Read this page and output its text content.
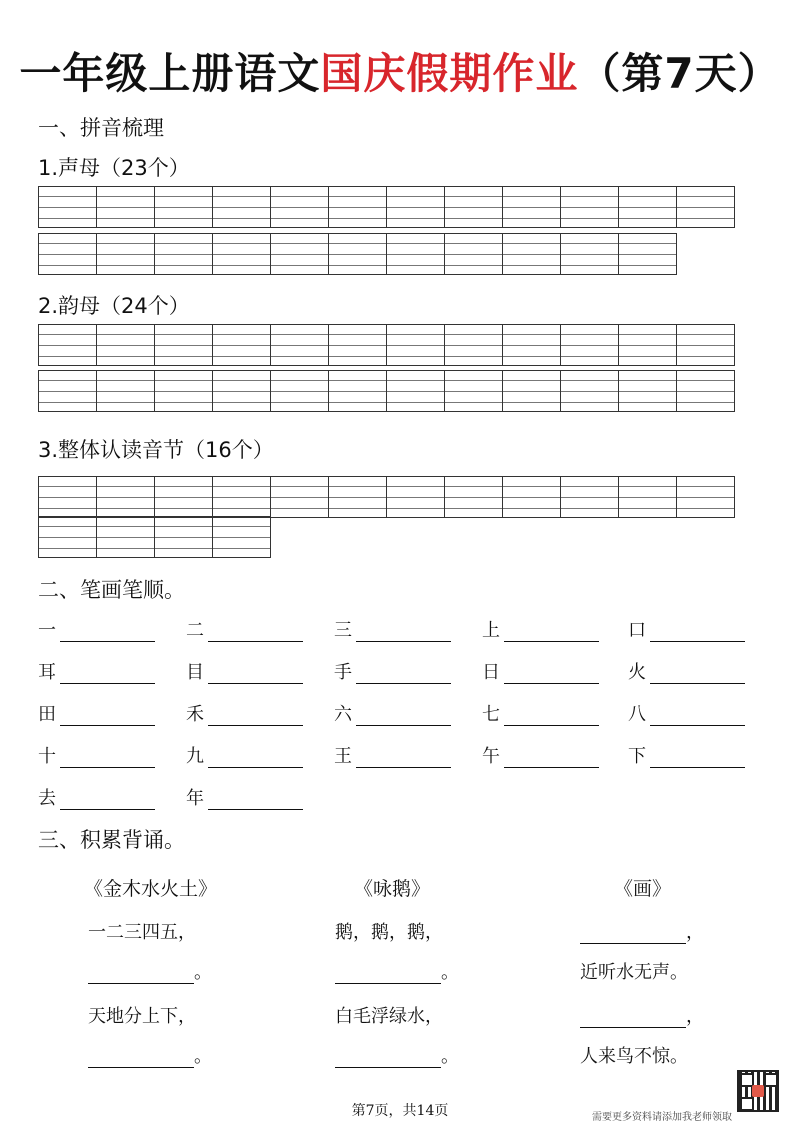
一年级上册语文国庆假期作业（第7天）
一、拼音梳理
1.声母（23个）

2.韵母（24个）

3.整体认读音节（16个）

二、笔画笔顺。
一	二	三	上	口
耳	目	手	日	火
田	禾	六	七	八
十	九	王	午	下
去	年
三、积累背诵。
《金木水火土》
一二三四五，
。
天地分上下，
。
《咏鹅》
鹅，鹅，鹅，
。
白毛浮绿水，
。
《画》
，
近听水无声。
，
人来鸟不惊。
第7页，共14页	需要更多资料请添加我老师领取
